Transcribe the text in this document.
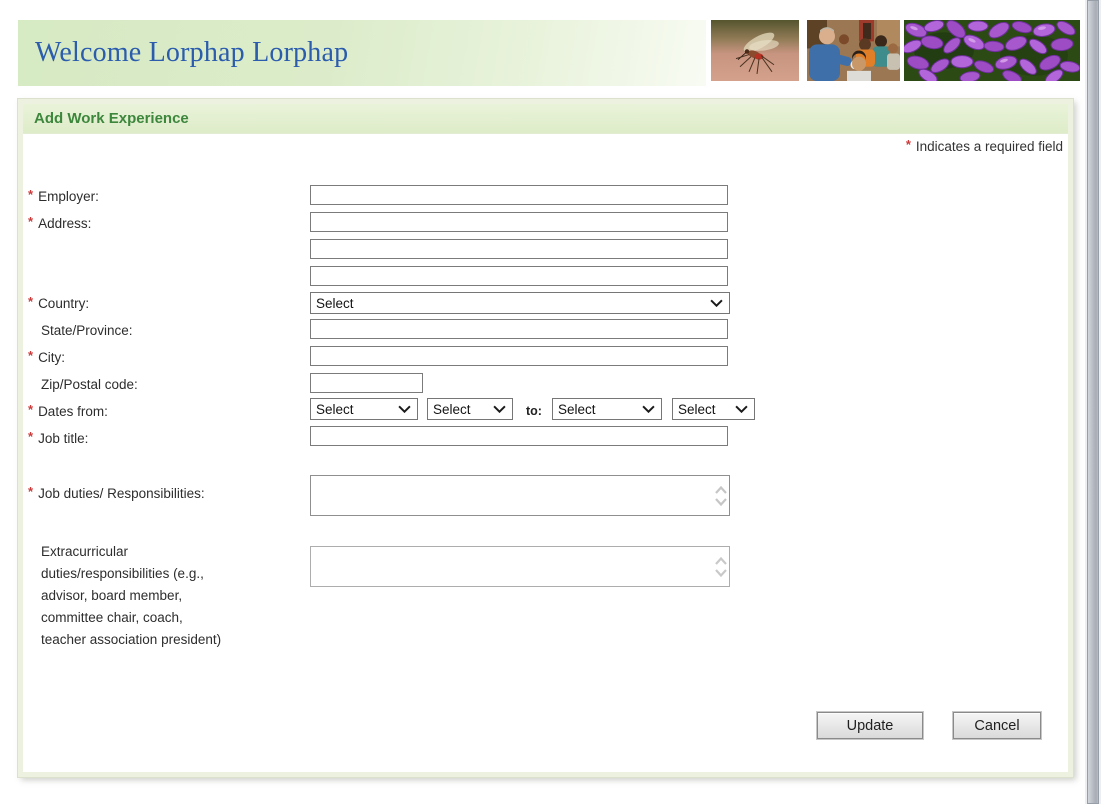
Welcome Lorphap Lorphap
Add Work Experience
* Indicates a required field
* Employer:
* Address:
* Country:	Select
State/Province:
* City:
Zip/Postal code:
* Dates from:	Select	Select	to: Select	Select
* Job title:
* Job duties/ Responsibilities:
Extracurricular
duties/responsibilities (e.g.,
advisor, board member,
committee chair, coach,
teacher association president)
Update	Cancel
